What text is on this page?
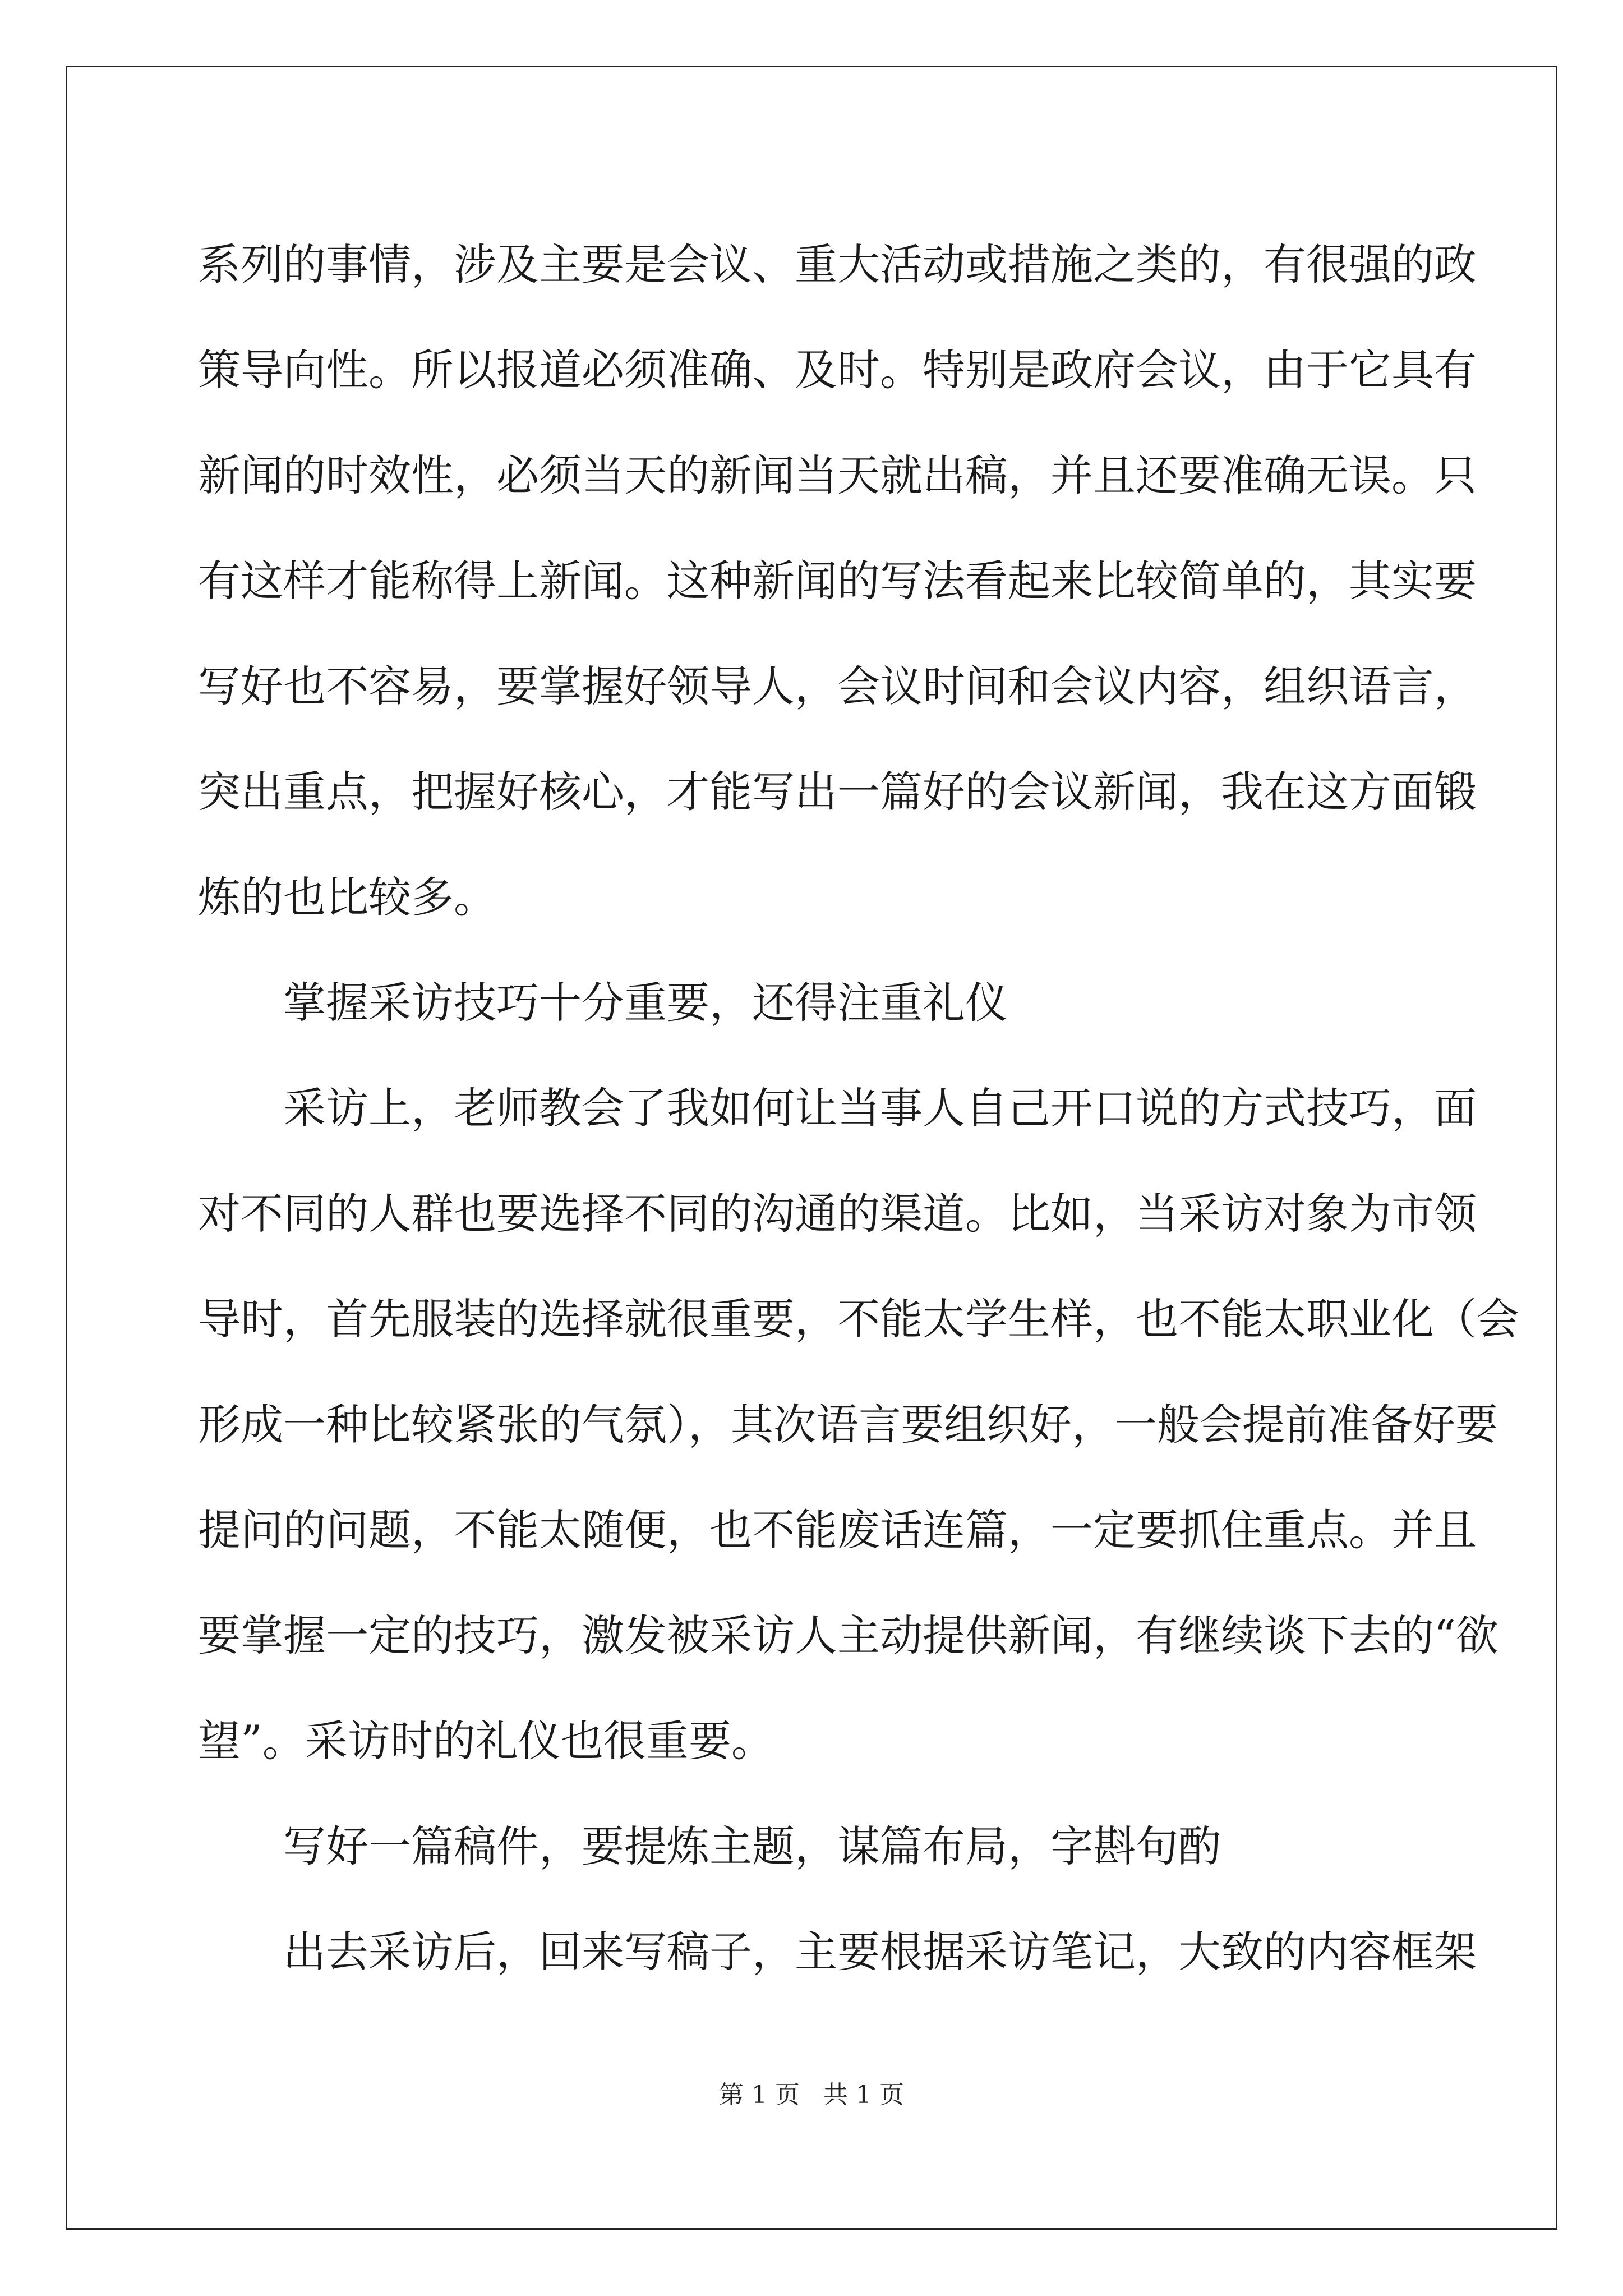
系列的事情，涉及主要是会议、重大活动或措施之类的，有很强的政
策导向性。所以报道必须准确、及时。特别是政府会议，由于它具有
新闻的时效性，必须当天的新闻当天就出稿，并且还要准确无误。只
有这样才能称得上新闻。这种新闻的写法看起来比较简单的，其实要
写好也不容易，要掌握好领导人，会议时间和会议内容，组织语言，
突出重点，把握好核心，才能写出一篇好的会议新闻，我在这方面锻
炼的也比较多。
掌握采访技巧十分重要，还得注重礼仪
采访上，老师教会了我如何让当事人自己开口说的方式技巧，面
对不同的人群也要选择不同的沟通的渠道。比如，当采访对象为市领
导时，首先服装的选择就很重要，不能太学生样，也不能太职业化（会
形成一种比较紧张的气氛），其次语言要组织好，一般会提前准备好要
提问的问题，不能太随便，也不能废话连篇，一定要抓住重点。并且
要掌握一定的技巧，激发被采访人主动提供新闻，有继续谈下去的“欲
望”。采访时的礼仪也很重要。
写好一篇稿件，要提炼主题，谋篇布局，字斟句酌
出去采访后，回来写稿子，主要根据采访笔记，大致的内容框架
第 1 页 共 1 页
